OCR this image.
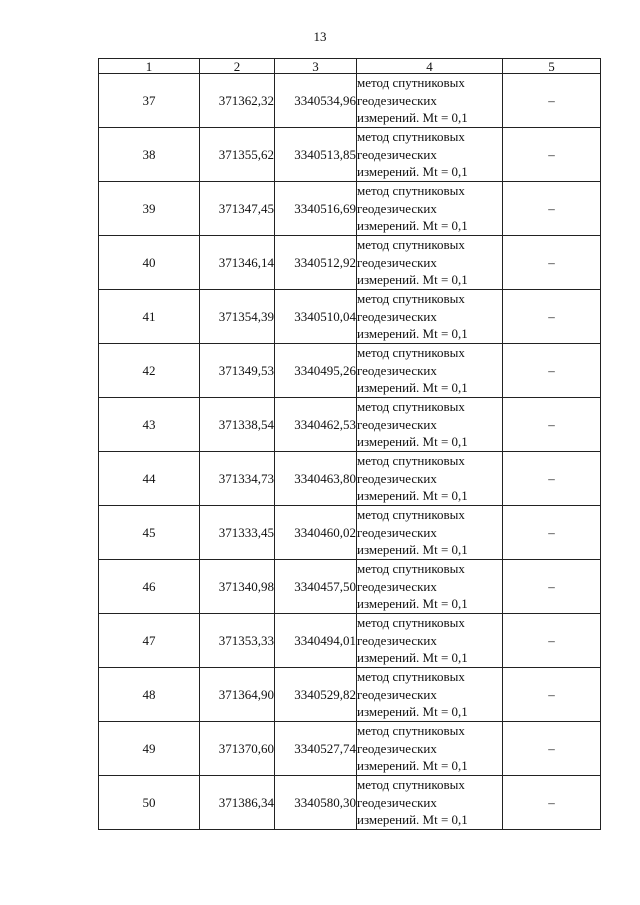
13
1	2	3	4	5
37	371362,32	3340534,96	метод спутниковых
геодезических
измерений. Mt = 0,1	–
38	371355,62	3340513,85	метод спутниковых
геодезических
измерений. Mt = 0,1	–
39	371347,45	3340516,69	метод спутниковых
геодезических
измерений. Mt = 0,1	–
40	371346,14	3340512,92	метод спутниковых
геодезических
измерений. Mt = 0,1	–
41	371354,39	3340510,04	метод спутниковых
геодезических
измерений. Mt = 0,1	–
42	371349,53	3340495,26	метод спутниковых
геодезических
измерений. Mt = 0,1	–
43	371338,54	3340462,53	метод спутниковых
геодезических
измерений. Mt = 0,1	–
44	371334,73	3340463,80	метод спутниковых
геодезических
измерений. Mt = 0,1	–
45	371333,45	3340460,02	метод спутниковых
геодезических
измерений. Mt = 0,1	–
46	371340,98	3340457,50	метод спутниковых
геодезических
измерений. Mt = 0,1	–
47	371353,33	3340494,01	метод спутниковых
геодезических
измерений. Mt = 0,1	–
48	371364,90	3340529,82	метод спутниковых
геодезических
измерений. Mt = 0,1	–
49	371370,60	3340527,74	метод спутниковых
геодезических
измерений. Mt = 0,1	–
50	371386,34	3340580,30	метод спутниковых
геодезических
измерений. Mt = 0,1	–
